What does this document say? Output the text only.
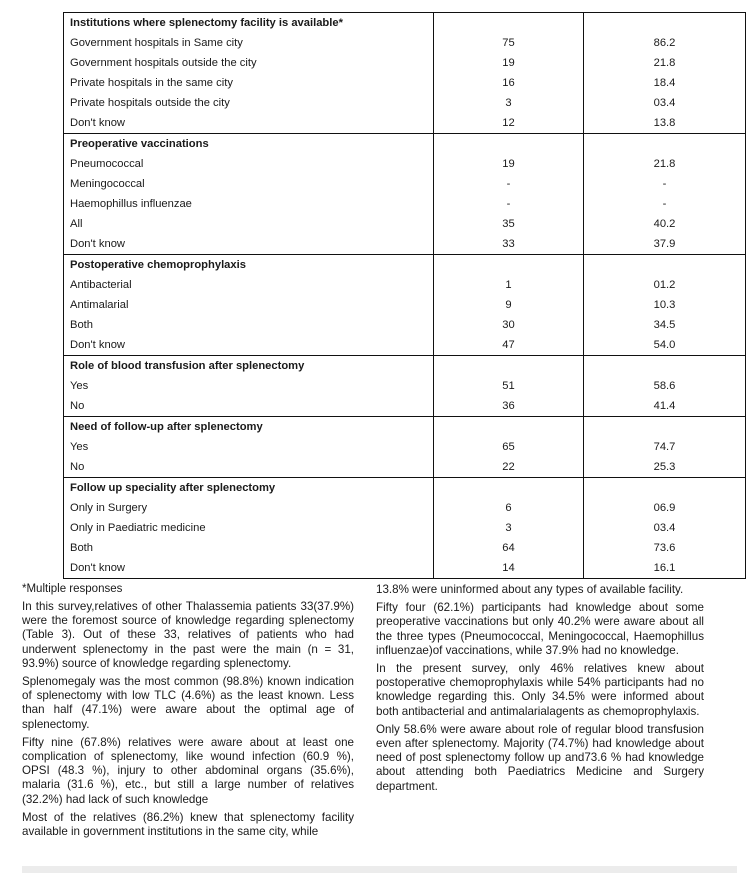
Institutions where splenectomy facility is available*		
Government hospitals in Same city	75	86.2
Government hospitals outside the city	19	21.8
Private hospitals in the same city	16	18.4
Private hospitals outside the city	3	03.4
Don't know	12	13.8
Preoperative vaccinations		
Pneumococcal	19	21.8
Meningococcal	-	-
Haemophillus influenzae	-	-
All	35	40.2
Don't know	33	37.9
Postoperative chemoprophylaxis		
Antibacterial	1	01.2
Antimalarial	9	10.3
Both	30	34.5
Don't know	47	54.0
Role of blood transfusion after splenectomy		
Yes	51	58.6
No	36	41.4
Need of follow-up after splenectomy		
Yes	65	74.7
No	22	25.3
Follow up speciality after splenectomy		
Only in Surgery	6	06.9
Only in Paediatric medicine	3	03.4
Both	64	73.6
Don't know	14	16.1
*Multiple responses

In this survey,relatives of other Thalassemia patients 33(37.9%) were the foremost source of knowledge regarding splenectomy (Table 3). Out of these 33, relatives of patients who had underwent splenectomy in the past were the main (n = 31, 93.9%) source of knowledge regarding splenectomy.

Splenomegaly was the most common (98.8%) known indication of splenectomy with low TLC (4.6%) as the least known. Less than half (47.1%) were aware about the optimal age of splenectomy.

Fifty nine (67.8%) relatives were aware about at least one complication of splenectomy, like wound infection (60.9 %), OPSI (48.3 %), injury to other abdominal organs (35.6%), malaria (31.6 %), etc., but still a large number of relatives (32.2%) had lack of such knowledge

Most of the relatives (86.2%) knew that splenectomy facility available in government institutions in the same city, while

13.8% were uninformed about any types of available facility.

Fifty four (62.1%) participants had knowledge about some preoperative vaccinations but only 40.2% were aware about all the three types (Pneumococcal, Meningococcal, Haemophillus influenzae)of vaccinations, while 37.9% had no knowledge.

In the present survey, only 46% relatives knew about postoperative chemoprophylaxis while 54% participants had no knowledge regarding this. Only 34.5% were informed about both antibacterial and antimalarialagents as chemoprophylaxis.

Only 58.6% were aware about role of regular blood transfusion even after splenectomy. Majority (74.7%) had knowledge about need of post splenectomy follow up and73.6 % had knowledge about attending both Paediatrics Medicine and Surgery department.
